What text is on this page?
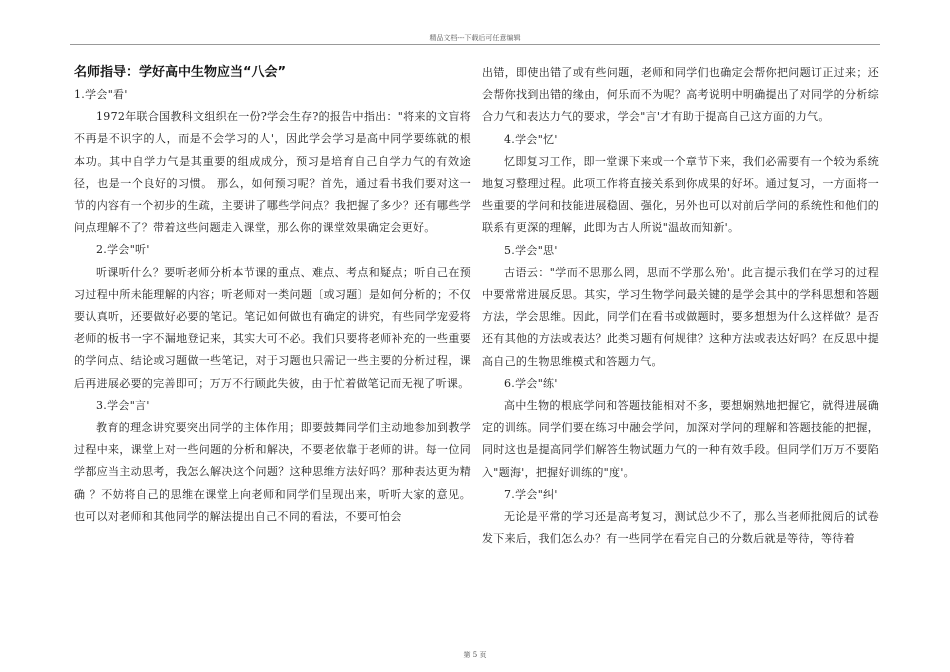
精品文档---下载后可任意编辑

名师指导：学好高中生物应当“八会”

1.学会"看'

1972年联合国教科文组织在一份?学会生存?的报告中指出："将来的文盲将不再是不识字的人，而是不会学习的人'，因此学会学习是高中同学要练就的根本功。其中自学力气是其重要的组成成分，预习是培育自己自学力气的有效途径，也是一个良好的习惯。 那么，如何预习呢？首先，通过看书我们要对这一节的内容有一个初步的生疏，主要讲了哪些学问点？我把握了多少？还有哪些学问点理解不了？带着这些问题走入课堂，那么你的课堂效果确定会更好。

2.学会"听'

听课听什么？要听老师分析本节课的重点、难点、考点和疑点；听自己在预习过程中所未能理解的内容；听老师对一类问题〔或习题〕是如何分析的；不仅要认真听，还要做好必要的笔记。笔记如何做也有确定的讲究，有些同学宠爱将老师的板书一字不漏地登记来，其实大可不必。我们只要将老师补充的一些重要的学问点、结论或习题做一些笔记，对于习题也只需记一些主要的分析过程，课后再进展必要的完善即可；万万不行顾此失彼，由于忙着做笔记而无视了听课。

3.学会"言'

教育的理念讲究要突出同学的主体作用；即要鼓舞同学们主动地参加到教学过程中来，课堂上对一些问题的分析和解决，不要老依靠于老师的讲。每一位同学都应当主动思考，我怎么解决这个问题？这种思维方法好吗？那种表达更为精确 ？不妨将自己的思维在课堂上向老师和同学们呈现出来，听听大家的意见。也可以对老师和其他同学的解法提出自己不同的看法，不要可怕会

出错，即使出错了或有些问题，老师和同学们也确定会帮你把问题订正过来；还会帮你找到出错的缘由，何乐而不为呢？高考说明中明确提出了对同学的分析综合力气和表达力气的要求，学会"言'才有助于提高自己这方面的力气。

4.学会"忆'

忆即复习工作，即一堂课下来或一个章节下来，我们必需要有一个较为系统地复习整理过程。此项工作将直接关系到你成果的好坏。通过复习，一方面将一些重要的学问和技能进展稳固、强化，另外也可以对前后学问的系统性和他们的联系有更深的理解，此即为古人所说"温故而知新'。

5.学会"思'

古语云："学而不思那么罔，思而不学那么殆'。此言提示我们在学习的过程中要常常进展反思。其实，学习生物学问最关键的是学会其中的学科思想和答题方法，学会思维。因此，同学们在看书或做题时，要多想想为什么这样做？是否还有其他的方法或表达？此类习题有何规律？这种方法或表达好吗？在反思中提高自己的生物思维模式和答题力气。

6.学会"练'

高中生物的根底学问和答题技能相对不多，要想娴熟地把握它，就得进展确定的训练。同学们要在练习中融会学问，加深对学问的理解和答题技能的把握，同时这也是提高同学们解答生物试题力气的一种有效手段。但同学们万万不要陷入"题海'，把握好训练的"度'。

7.学会"纠'

无论是平常的学习还是高考复习，测试总少不了，那么当老师批阅后的试卷发下来后，我们怎么办？有一些同学在看完自己的分数后就是等待，等待着

第 5 页
